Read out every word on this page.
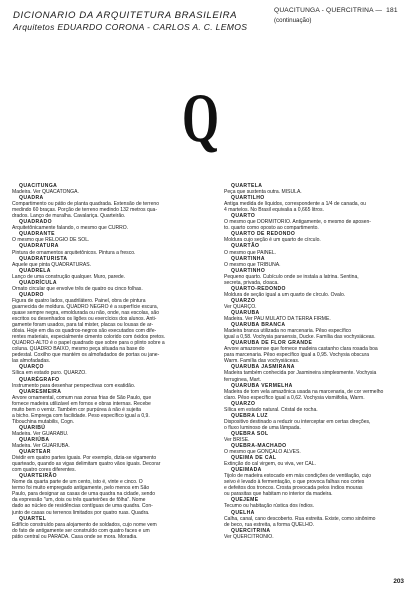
DICIONARIO DA ARQUITETURA BRASILEIRA
Arquitetos EDUARDO CORONA - CARLOS A. C. LEMOS
QUACITUNGA - QUERCITRINA — 181
(continuação)
Q
QUACITUNGA
Madeira. Ver QUACATONGA.
QUADRA
Compartimento ou pátio de planta quadrada. Extensão de terreno
medindo 60 braças. Porção de terreno medindo 132 metros qua-
drados. Lanço de muralha. Cavalariça. Quarteirão.
QUADRADO
Arquitetônicamente falando, o mesmo que CURRO.
QUADRANTE
O mesmo que RELÓGIO DE SOL.
QUADRATURA
Pintura de ornamentos arquitetônicos. Pintura a fresco.
QUADRATURISTA
Aquele que pinta QUADRATURAS.
QUADRELA
Lanço de uma construção qualquer. Muro, parede.
QUADRÍCULA
Ornato circular que envolve três de quatro ou cinco folhas.
QUADRO
Figura de quatro lados, quadrilátero. Painel, obra de pintura
guarnecida de moldura. QUADRO NEGRO é a superfície escura,
quase sempre negra, emoldurada ou não, onde, nas escolas, são
escritos ou desenhados os ligões ou exercícios dos alunos. Anti-
gamente foram usados, para tal mister, placas ou lousas de ar-
dósia. Hoje em dia os quadros-negros são executados com dife-
rentes materiais, especialmente cimento colorido com óxidos pretos.
QUADRO-ALTO é o papel quadrado que sobre para o plinto sobre a
coluna. QUADRO BAIXO, mesmo peça situada na base do
pedestal. Coxilho que mantém os almofadados de portas ou jane-
las almofadadas.
QUARÇO
Sílica em estado puro. QUARZO.
QUARÉGRAFO
Instrumento para desenhar perspectivas com exatidão.
QUARESMEIRA
Árvore ornamental, comum nas zonas frias de São Paulo, que
fornece madeira utilizável em fornos e obras internas. Recebe
muito bem o verniz. Também cor purpúrea à não é sujeita
a bicho. Emprega com facilidade. Peso específico igual a 0,9.
Tibouchina mutabilis, Cogn.
QUARIBÚ
Madeira. Ver GUARABÚ.
QUARIÚBA
Madeira. Ver GUARIÚBA.
QUARTEAR
Dividir em quatro partes iguais. Por exemplo, dizia-se vigamento
quarteado, quando as vigas delimitam quatro vãos iguais. Decorar
com quatro cores diferentes.
QUARTEIRÃO
Nome da quarta parte de um cento, isto é, vinte e cinco. O
termo foi muito empregado antigamente, pelo menos em São
Paulo, para designar as casas de uma quadra na cidade, sendo
da expressão "um, dois ou três quarteirões de fôlha". Nome
dado ao núcleo de residências contíguas de uma quadra. Con-
junto de casas ou terrenos limitados por quatro ruas. Quadra.
QUARTEL
Edifício construído para alojamento de soldados, cujo nome vem
do fato de antigamente ser construído com quatro faces e um
pátio central ou PARADA. Casa onde se mora. Moradia.
QUARTELA
Peça que sustenta outra. MISULA.
QUARTILHO
Antiga medida de líquidos, correspondente a 1/4 de canada, ou
4 martelos. No Brasil equivalia a 0,665 litros.
QUARTO
O mesmo que DORMITÓRIO. Antigamente, o mesmo de aposen-
to. quarto como oposto ao compartimento.
QUARTO DE REDONDO
Moldura cujo seção é um quarto de círculo.
QUARTÃO
O mesmo que PAINEL.
QUARTINHA
O mesmo que TRIBUNA.
QUARTINHO
Pequeno quarto. Cubículo onde se instala a latrina. Sentina,
secreta, privada, cloaca.
QUARTO-REDONDO
Moldura de seção igual a um quarto de círculo. Óvalo.
QUARZO
Ver QUARÇO.
QUARUBA
Madeira. Ver PAU MULATO DA TERRA FIRME.
QUARUBA BRANCA
Madeira branca utilizada no marcenaria. Pêso específico
igual a 0,58. Vochysia paraensis, Ducke. Família das vochysiáceas.
QUARUBA DE FLOR GRANDE
Árvore amazonense que fornece madeira castanho clara rosada boa
para marcenaria. Pêso específico igual a 0,95. Vochysia obscura
Warm. Família das vochysiáceas.
QUARUBA JASMIRANA
Madeira também conhecida por Jasmineira simplesmente. Vochysia
ferruginea, Mart.
QUARUBA VERMELHA
Madeira de tom vela amazônica usada na marcenaria, de cor vermelho
claro. Pêso específico igual a 0,62. Vochysia vismiifolia, Warm.
QUARZO
Sílica em estado natural. Cristal de rocha.
QUEBRA LUZ
Dispositivo destinado a reduzir ou interceptar em certas direções,
o fluxo luminoso de uma lâmpada.
QUEBRA SOL
Ver BRISE.
QUEBRA-MACHADO
O mesmo que GONÇALO ALVES.
QUEIMA DE CAL
Extinção do cal virgem, ou viva, ver CAL.
QUEIMADA
Tijolo de madeira estocado em más condições de ventilação, cujo
seivo é levado à fermentação, o que provoca falhas nos cortes
e defeitos dos troncos. Crosta provocada pelos índios mouras
ou parasitas que habitam no interior da madeira.
QUEJEME
Tecumo ou habitação rústica dos índios.
QUELHA
Calha, canal, cano descoberto. Rua estreita. Existe, como sinônimo
de beco, rua estreita, a forma QUELHO.
QUERCITRINA
Ver QUERCITRÔNIO.
203
